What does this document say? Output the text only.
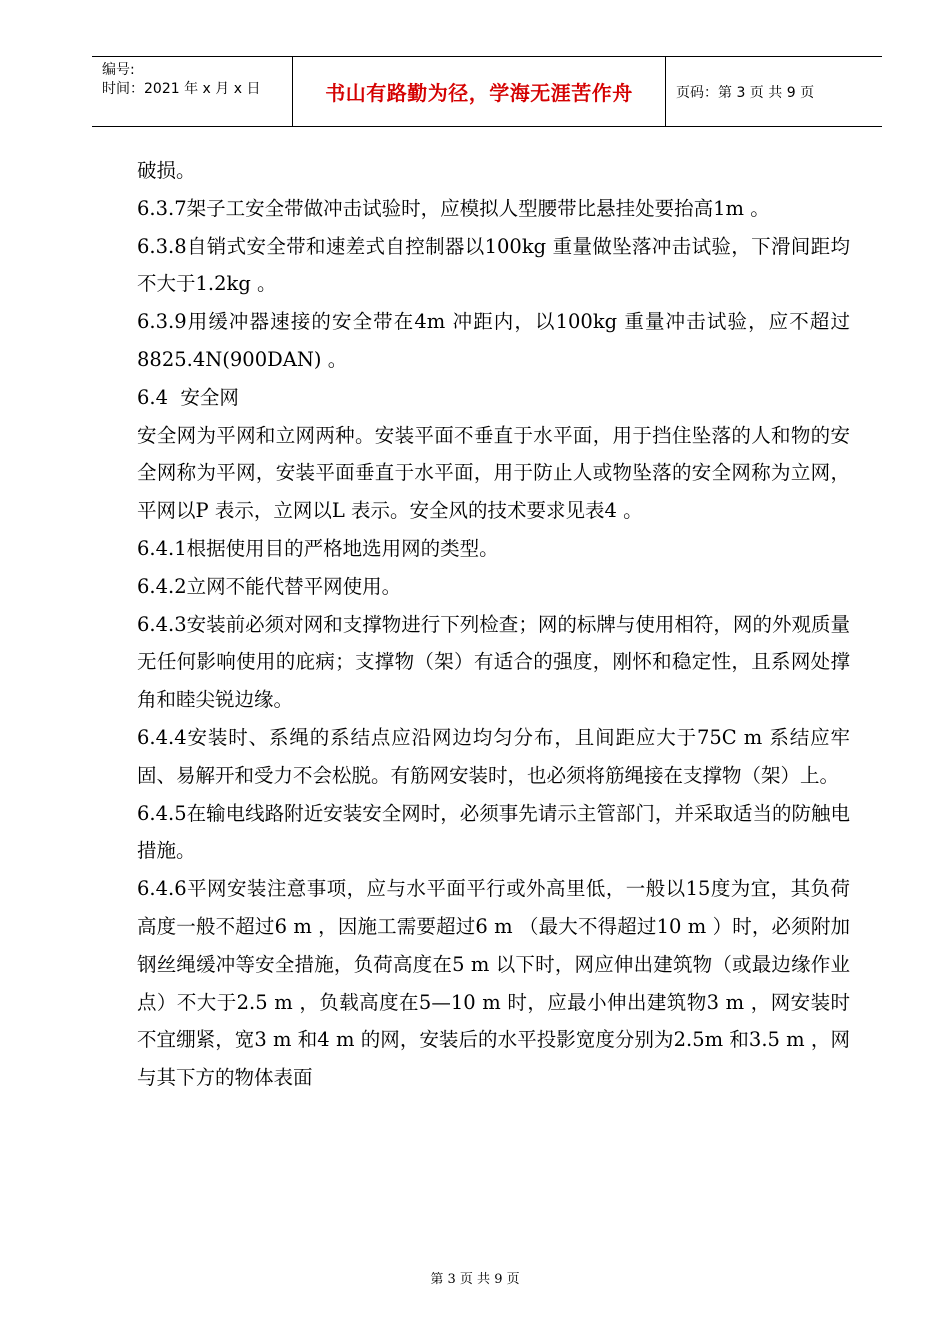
编号:
时间：2021 年 x 月 x 日	书山有路勤为径，学海无涯苦作舟	页码：第 3 页 共 9 页

破损。

6.3.7架子工安全带做冲击试验时，应模拟人型腰带比悬挂处要抬高1m 。

6.3.8自销式安全带和速差式自控制器以100kg 重量做坠落冲击试验，下滑间距均不大于1.2kg 。

6.3.9用缓冲器速接的安全带在4m 冲距内，以100kg 重量冲击试验，应不超过8825.4N(900DAN) 。

6.4  安全网

安全网为平网和立网两种。安装平面不垂直于水平面，用于挡住坠落的人和物的安全网称为平网，安装平面垂直于水平面，用于防止人或物坠落的安全网称为立网，平网以P 表示，立网以L 表示。安全风的技术要求见表4 。

6.4.1根据使用目的严格地选用网的类型。

6.4.2立网不能代替平网使用。

6.4.3安装前必须对网和支撑物进行下列检查；网的标牌与使用相符，网的外观质量无任何影响使用的庇病；支撑物（架）有适合的强度，刚怀和稳定性，且系网处撑角和睦尖锐边缘。

6.4.4安装时、系绳的系结点应沿网边均匀分布，且间距应大于75C m 系结应牢固、易解开和受力不会松脱。有筋网安装时，也必须将筋绳接在支撑物（架）上。

6.4.5在输电线路附近安装安全网时，必须事先请示主管部门，并采取适当的防触电措施。

6.4.6平网安装注意事项，应与水平面平行或外高里低，一般以15度为宜，其负荷高度一般不超过6 m ，因施工需要超过6 m （最大不得超过10 m ）时，必须附加钢丝绳缓冲等安全措施，负荷高度在5 m 以下时，网应伸出建筑物（或最边缘作业点）不大于2.5 m ，负载高度在5—10 m 时，应最小伸出建筑物3 m ，网安装时不宜绷紧，宽3 m 和4 m 的网，安装后的水平投影宽度分别为2.5m 和3.5 m ，网与其下方的物体表面

第 3 页 共 9 页
